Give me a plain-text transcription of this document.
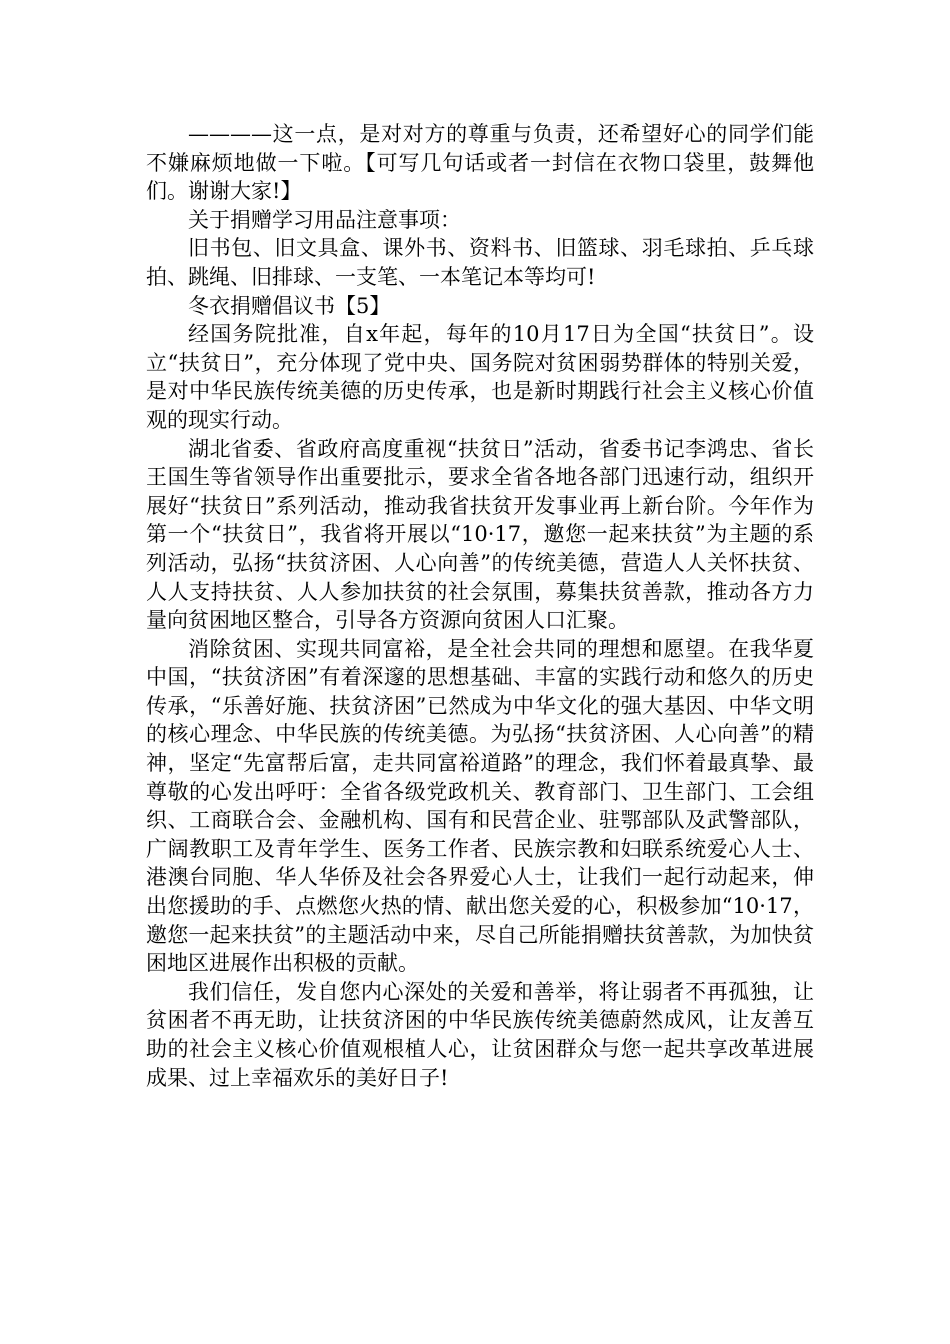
————这一点，是对对方的尊重与负责，还希望好心的同学们能不嫌麻烦地做一下啦。【可写几句话或者一封信在衣物口袋里，鼓舞他们。谢谢大家!】

关于捐赠学习用品注意事项：

旧书包、旧文具盒、课外书、资料书、旧篮球、羽毛球拍、乒乓球拍、跳绳、旧排球、一支笔、一本笔记本等均可!

冬衣捐赠倡议书【5】

经国务院批准，自x年起，每年的10月17日为全国“扶贫日”。设立“扶贫日”，充分体现了党中央、国务院对贫困弱势群体的特别关爱，是对中华民族传统美德的历史传承，也是新时期践行社会主义核心价值观的现实行动。

湖北省委、省政府高度重视“扶贫日”活动，省委书记李鸿忠、省长王国生等省领导作出重要批示，要求全省各地各部门迅速行动，组织开展好“扶贫日”系列活动，推动我省扶贫开发事业再上新台阶。今年作为第一个“扶贫日”，我省将开展以“10·17，邀您一起来扶贫”为主题的系列活动，弘扬“扶贫济困、人心向善”的传统美德，营造人人关怀扶贫、人人支持扶贫、人人参加扶贫的社会氛围，募集扶贫善款，推动各方力量向贫困地区整合，引导各方资源向贫困人口汇聚。

消除贫困、实现共同富裕，是全社会共同的理想和愿望。在我华夏中国，“扶贫济困”有着深邃的思想基础、丰富的实践行动和悠久的历史传承，“乐善好施、扶贫济困”已然成为中华文化的强大基因、中华文明的核心理念、中华民族的传统美德。为弘扬“扶贫济困、人心向善”的精神，坚定“先富帮后富，走共同富裕道路”的理念，我们怀着最真挚、最尊敬的心发出呼吁：全省各级党政机关、教育部门、卫生部门、工会组织、工商联合会、金融机构、国有和民营企业、驻鄂部队及武警部队，广阔教职工及青年学生、医务工作者、民族宗教和妇联系统爱心人士、港澳台同胞、华人华侨及社会各界爱心人士，让我们一起行动起来，伸出您援助的手、点燃您火热的情、献出您关爱的心，积极参加“10·17，邀您一起来扶贫”的主题活动中来，尽自己所能捐赠扶贫善款，为加快贫困地区进展作出积极的贡献。

我们信任，发自您内心深处的关爱和善举，将让弱者不再孤独，让贫困者不再无助，让扶贫济困的中华民族传统美德蔚然成风，让友善互助的社会主义核心价值观根植人心，让贫困群众与您一起共享改革进展成果、过上幸福欢乐的美好日子!
